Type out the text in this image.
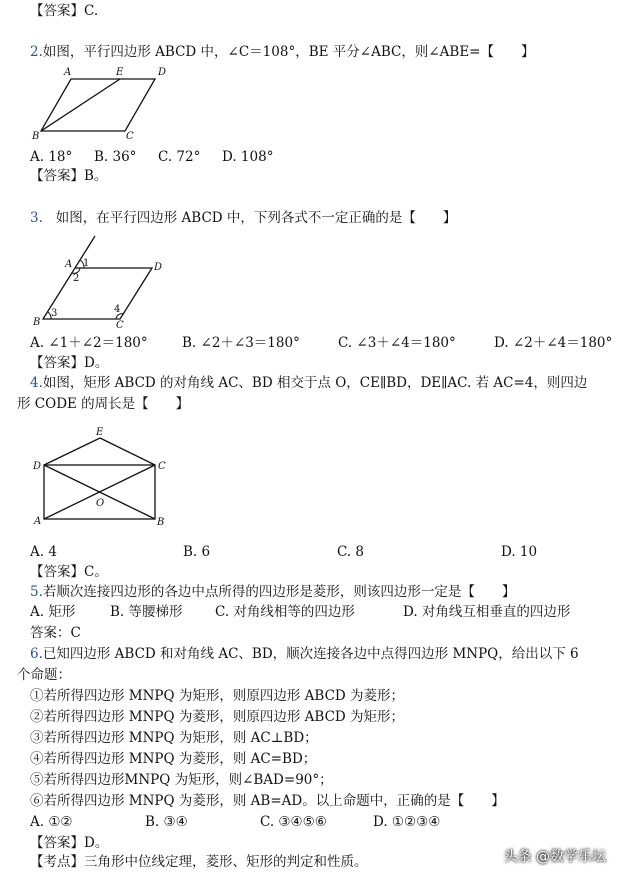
【答案】C.
2.如图，平行四边形 ABCD 中，∠C＝108°，BE 平分∠ABC，则∠ABE=【　　】
A	E	D
B	C
A. 18° B. 36° C. 72° D. 108°
【答案】B。
3. 如图，在平行四边形 ABCD 中，下列各式不一定正确的是【　　】
A 1
2
D
3	4
B	C
A. ∠1＋∠2＝180°	B. ∠2＋∠3＝180°	C. ∠3＋∠4＝180°	D. ∠2＋∠4＝180°
【答案】D。
4.如图，矩形 ABCD 的对角线 AC、BD 相交于点 O，CE∥BD，DE∥AC. 若 AC=4，则四边
形 CODE 的周长是【　　】
E
D	C
O
A	B
A. 4	B. 6	C. 8	D. 10
【答案】C。
5.若顺次连接四边形的各边中点所得的四边形是菱形，则该四边形一定是【　　】
A. 矩形	B. 等腰梯形 C. 对角线相等的四边形	D. 对角线互相垂直的四边形
答案：C
6.已知四边形 ABCD 和对角线 AC、BD，顺次连接各边中点得四边形 MNPQ，给出以下 6
个命题：
①若所得四边形 MNPQ 为矩形，则原四边形 ABCD 为菱形；
②若所得四边形 MNPQ 为菱形，则原四边形 ABCD 为矩形；
③若所得四边形 MNPQ 为矩形，则 AC⊥BD；
④若所得四边形 MNPQ 为菱形，则 AC=BD；
⑤若所得四边形MNPQ 为矩形，则∠BAD=90°；
⑥若所得四边形 MNPQ 为菱形，则 AB=AD。以上命题中，正确的是【　　】
A. ①②	B. ③④	C. ③④⑤⑥	D. ①②③④
【答案】D。
【考点】三角形中位线定理，菱形、矩形的判定和性质。	头条 @数学乐坛
